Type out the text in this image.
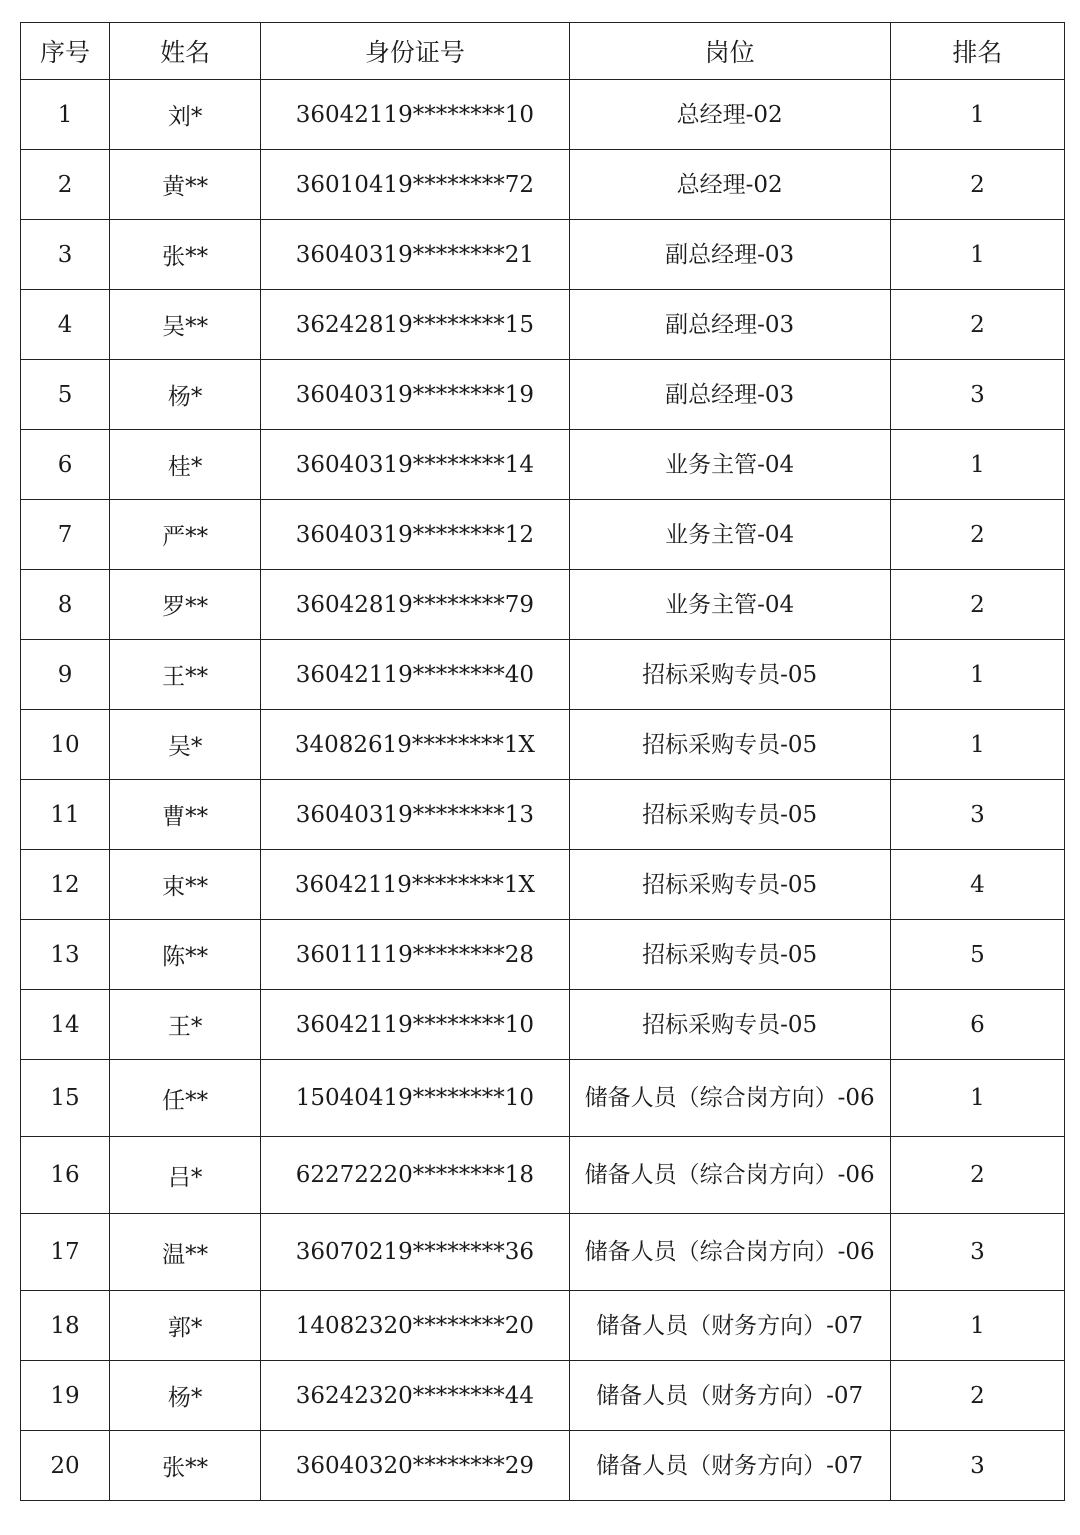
序号	姓名	身份证号	岗位	排名
1	刘*	36042119********10	总经理-02	1
2	黄**	36010419********72	总经理-02	2
3	张**	36040319********21	副总经理-03	1
4	吴**	36242819********15	副总经理-03	2
5	杨*	36040319********19	副总经理-03	3
6	桂*	36040319********14	业务主管-04	1
7	严**	36040319********12	业务主管-04	2
8	罗**	36042819********79	业务主管-04	2
9	王**	36042119********40	招标采购专员-05	1
10	吴*	34082619********1X	招标采购专员-05	1
11	曹**	36040319********13	招标采购专员-05	3
12	束**	36042119********1X	招标采购专员-05	4
13	陈**	36011119********28	招标采购专员-05	5
14	王*	36042119********10	招标采购专员-05	6
15	任**	15040419********10	储备人员（综合岗方向）-06	1
16	吕*	62272220********18	储备人员（综合岗方向）-06	2
17	温**	36070219********36	储备人员（综合岗方向）-06	3
18	郭*	14082320********20	储备人员（财务方向）-07	1
19	杨*	36242320********44	储备人员（财务方向）-07	2
20	张**	36040320********29	储备人员（财务方向）-07	3
